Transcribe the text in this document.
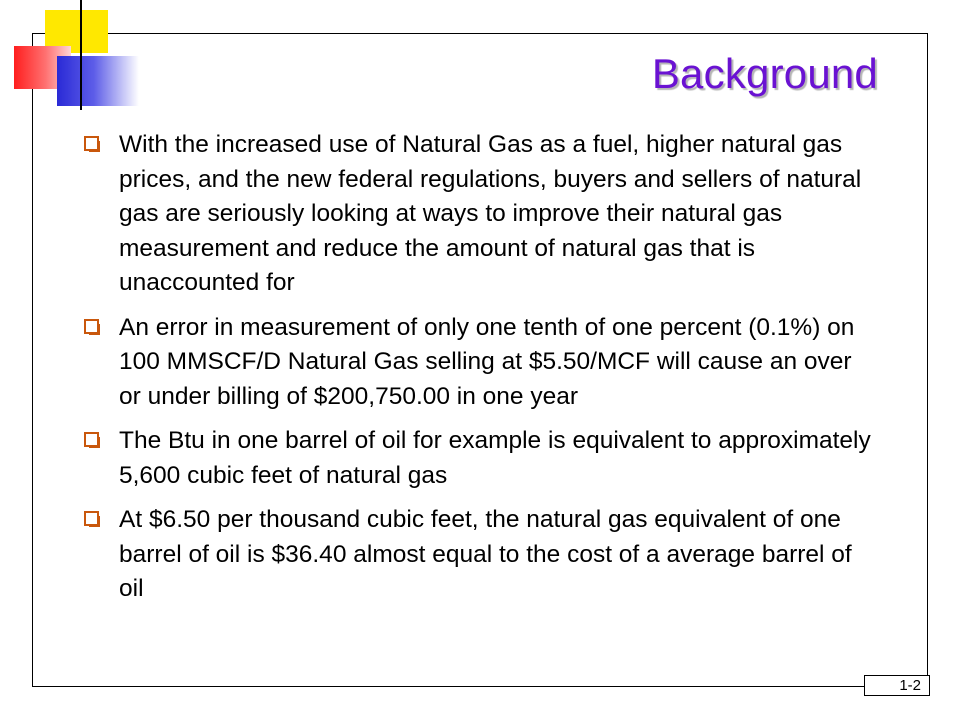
Background
With the increased use of Natural Gas as a fuel, higher natural gas prices, and the new federal regulations, buyers and sellers of natural gas are seriously looking at ways to improve their natural gas measurement and reduce the amount of natural gas that is unaccounted for
An error in measurement of only one tenth of one percent (0.1%) on 100 MMSCF/D Natural Gas selling at $5.50/MCF will cause an over or under billing of $200,750.00 in one year
The Btu in one barrel of oil for example is equivalent to approximately 5,600 cubic feet of natural gas
At $6.50 per thousand cubic feet, the natural gas equivalent of one barrel of oil is $36.40 almost equal to the cost of a average barrel of oil
1-2
